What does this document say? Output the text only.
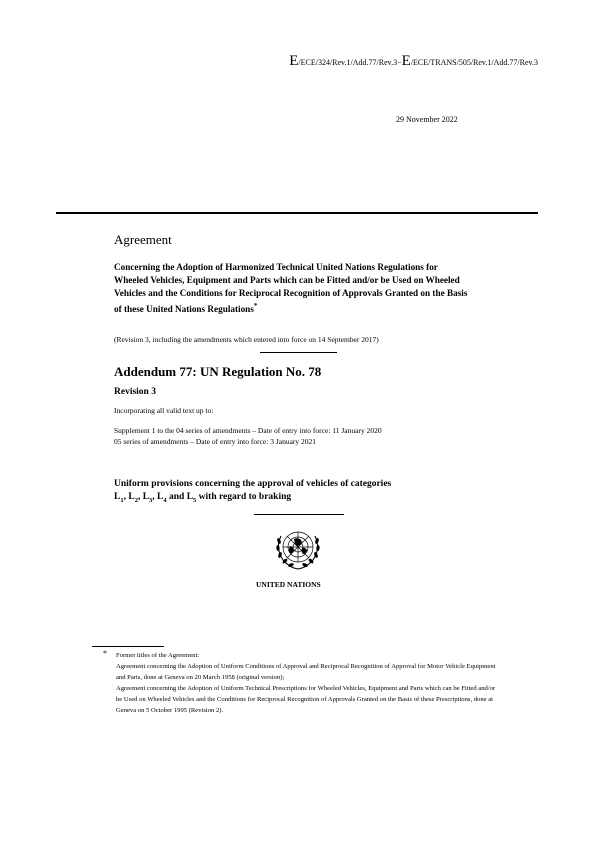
E/ECE/324/Rev.1/Add.77/Rev.3−E/ECE/TRANS/505/Rev.1/Add.77/Rev.3
29 November 2022
Agreement
Concerning the Adoption of Harmonized Technical United Nations Regulations for Wheeled Vehicles, Equipment and Parts which can be Fitted and/or be Used on Wheeled Vehicles and the Conditions for Reciprocal Recognition of Approvals Granted on the Basis of these United Nations Regulations*
(Revision 3, including the amendments which entered into force on 14 September 2017)
Addendum 77: UN Regulation No. 78
Revision 3
Incorporating all valid text up to:
Supplement 1 to the 04 series of amendments – Date of entry into force: 11 January 2020
05 series of amendments – Date of entry into force: 3 January 2021
Uniform provisions concerning the approval of vehicles of categories
$L_1$, $L_2$, $L_3$, $L_4$ and $L_5$ with regard to braking
UNITED NATIONS
* Former titles of the Agreement:
Agreement concerning the Adoption of Uniform Conditions of Approval and Reciprocal Recognition of Approval for Motor Vehicle Equipment and Parts, done at Geneva on 20 March 1958 (original version);
Agreement concerning the Adoption of Uniform Technical Prescriptions for Wheeled Vehicles, Equipment and Parts which can be Fitted and/or be Used on Wheeled Vehicles and the Conditions for Reciprocal Recognition of Approvals Granted on the Basis of these Prescriptions, done at Geneva on 5 October 1995 (Revision 2).
